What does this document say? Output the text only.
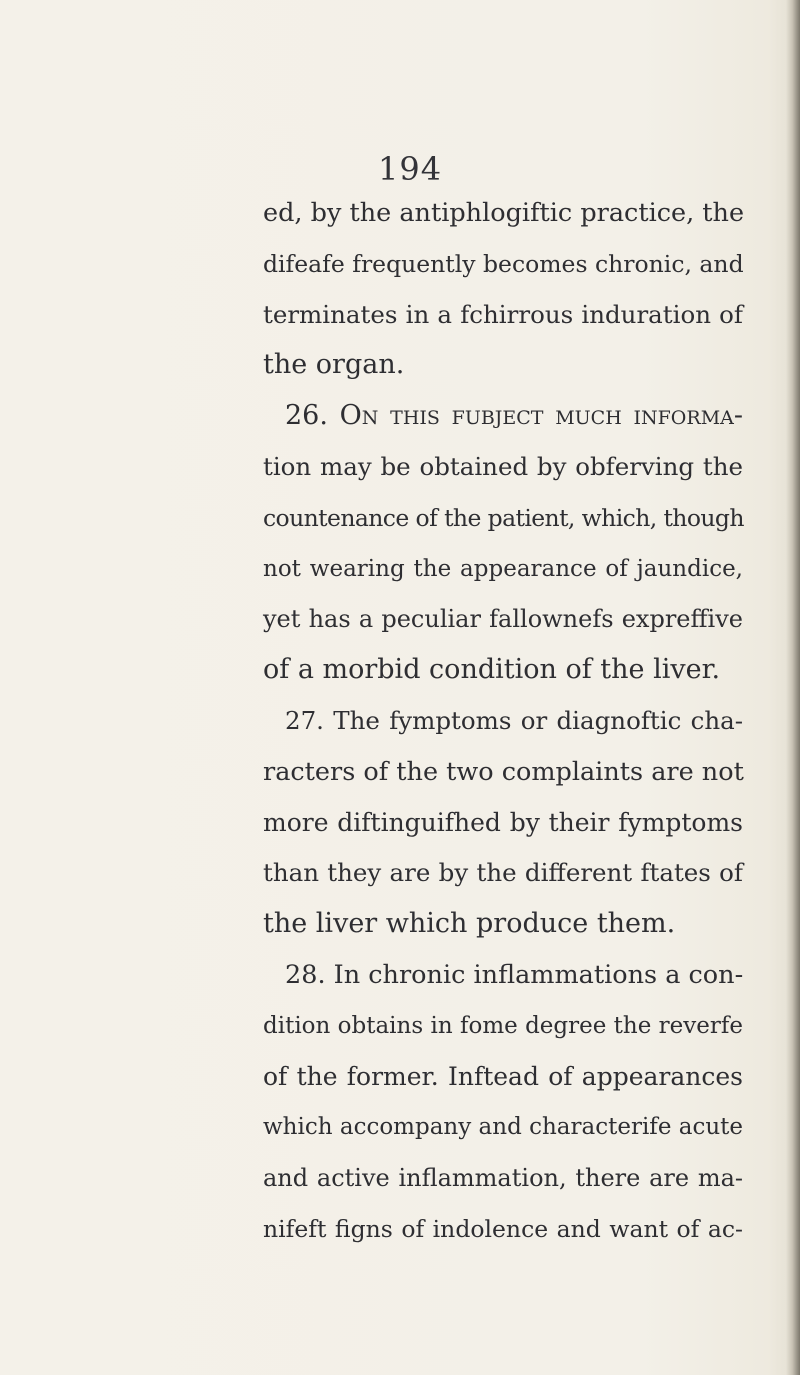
194
ed, by the antiphlogiftic practice, the
difeafe frequently becomes chronic, and
terminates in a fchirrous induration of
the organ.
26. On this fubject much informa-
tion may be obtained by obferving the
countenance of the patient, which, though
not wearing the appearance of jaundice,
yet has a peculiar fallownefs expreffive
of a morbid condition of the liver.
27. The fymptoms or diagnoftic cha-
racters of the two complaints are not
more diftinguifhed by their fymptoms
than they are by the different ftates of
the liver which produce them.
28. In chronic inflammations a con-
dition obtains in fome degree the reverfe
of the former. Inftead of appearances
which accompany and characterife acute
and active inflammation, there are ma-
nifeft figns of indolence and want of ac-
